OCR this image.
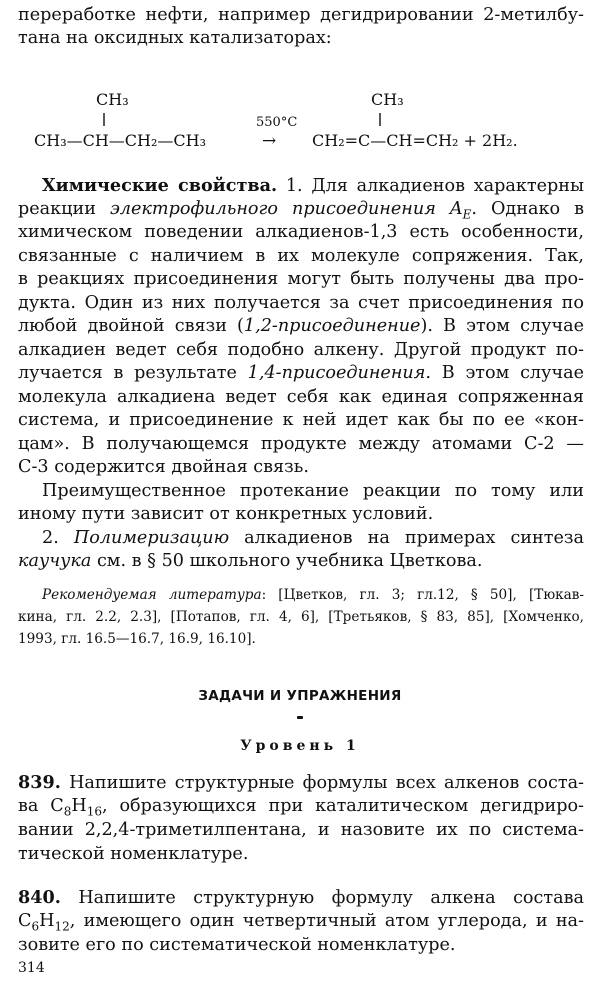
переработке нефти, например дегидрировании 2-метилбу-
тана на оксидных катализаторах:
CH₃
CH₃—CH—CH₂—CH₃
550°C
→
CH₃
CH₂=C—CH=CH₂ + 2H₂.
Химические свойства. 1. Для алкадиенов характерны
реакции электрофильного присоединения $A_E$. Однако в
химическом поведении алкадиенов-1,3 есть особенности,
связанные с наличием в их молекуле сопряжения. Так,
в реакциях присоединения могут быть получены два про-
дукта. Один из них получается за счет присоединения по
любой двойной связи (1,2-присоединение). В этом случае
алкадиен ведет себя подобно алкену. Другой продукт по-
лучается в результате 1,4-присоединения. В этом случае
молекула алкадиена ведет себя как единая сопряженная
система, и присоединение к ней идет как бы по ее «кон-
цам». В получающемся продукте между атомами С-2 —
С-3 содержится двойная связь.
Преимущественное протекание реакции по тому или
иному пути зависит от конкретных условий.
2. Полимеризацию алкадиенов на примерах синтеза
каучука см. в § 50 школьного учебника Цветкова.
Рекомендуемая литература: [Цветков, гл. 3; гл.12, § 50], [Тюкав-
кина, гл. 2.2, 2.3], [Потапов, гл. 4, 6], [Третьяков, § 83, 85], [Хомченко,
1993, гл. 16.5—16.7, 16.9, 16.10].
ЗАДАЧИ И УПРАЖНЕНИЯ
Уровень 1
839. Напишите структурные формулы всех алкенов соста-
ва $C_8H_{16}$, образующихся при каталитическом дегидриро-
вании 2,2,4-триметилпентана, и назовите их по системa-
тической номенклатуре.
840. Напишите структурную формулу алкена состава
$C_6H_{12}$, имеющего один четвертичный атом углерода, и на-
зовите его по систематической номенклатуре.
314
